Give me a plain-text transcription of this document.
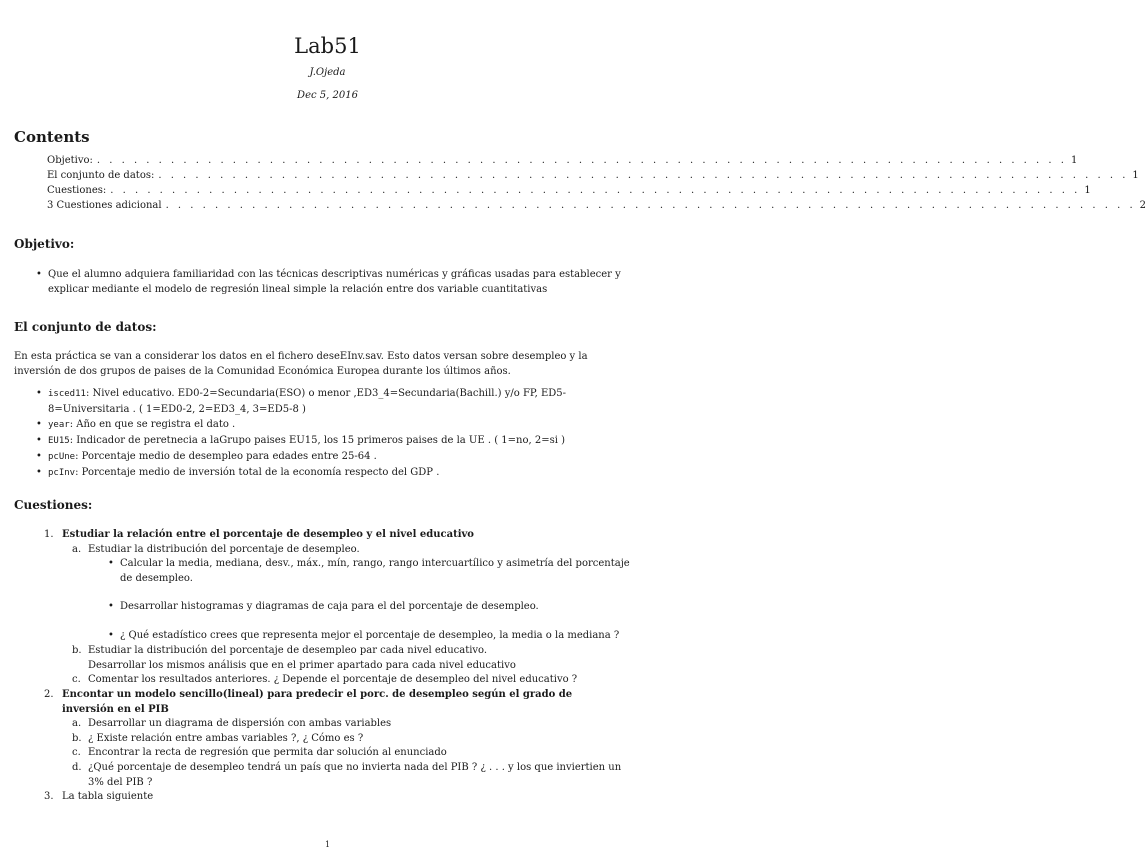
Lab51
J.Ojeda
Dec 5, 2016
Contents
Objetivo: . . . . . . . . . . . . . . . . . . . . . . . . . . . . . . . . . . . . . . . . . . . . . . . . . . . . . . . . . . . . . . . . . . . . . . . . . . . . . . . 1
El conjunto de datos: . . . . . . . . . . . . . . . . . . . . . . . . . . . . . . . . . . . . . . . . . . . . . . . . . . . . . . . . . . . . . . . . . . . . . . . . . . . . . . . 1
Cuestiones: . . . . . . . . . . . . . . . . . . . . . . . . . . . . . . . . . . . . . . . . . . . . . . . . . . . . . . . . . . . . . . . . . . . . . . . . . . . . . . . 1
3 Cuestiones adicional . . . . . . . . . . . . . . . . . . . . . . . . . . . . . . . . . . . . . . . . . . . . . . . . . . . . . . . . . . . . . . . . . . . . . . . . . . . . . . . 2
Objetivo:
• Que el alumno adquiera familiaridad con las técnicas descriptivas numéricas y gráficas usadas para establecer y
explicar mediante el modelo de regresión lineal simple la relación entre dos variable cuantitativas
El conjunto de datos:
En esta práctica se van a considerar los datos en el fichero deseEInv.sav. Esto datos versan sobre desempleo y la
inversión de dos grupos de paises de la Comunidad Económica Europea durante los últimos años.
• isced11: Nivel educativo. ED0-2=Secundaria(ESO) o menor ,ED3_4=Secundaria(Bachill.) y/o FP, ED5-
8=Universitaria . ( 1=ED0-2, 2=ED3_4, 3=ED5-8 )
• year: Año en que se registra el dato .
• EU15: Indicador de peretnecia a laGrupo paises EU15, los 15 primeros paises de la UE . ( 1=no, 2=si )
• pcUne: Porcentaje medio de desempleo para edades entre 25-64 .
• pcInv: Porcentaje medio de inversión total de la economía respecto del GDP .
Cuestiones:
1. Estudiar la relación entre el porcentaje de desempleo y el nivel educativo
a. Estudiar la distribución del porcentaje de desempleo.
• Calcular la media, mediana, desv., máx., mín, rango, rango intercuartílico y asimetría del porcentaje
de desempleo.
• Desarrollar histogramas y diagramas de caja para el del porcentaje de desempleo.
• ¿ Qué estadístico crees que representa mejor el porcentaje de desempleo, la media o la mediana ?
b. Estudiar la distribución del porcentaje de desempleo par cada nivel educativo.
Desarrollar los mismos análisis que en el primer apartado para cada nivel educativo
c. Comentar los resultados anteriores. ¿ Depende el porcentaje de desempleo del nivel educativo ?
2. Encontar un modelo sencillo(lineal) para predecir el porc. de desempleo según el grado de
inversión en el PIB
a. Desarrollar un diagrama de dispersión con ambas variables
b. ¿ Existe relación entre ambas variables ?, ¿ Cómo es ?
c. Encontrar la recta de regresión que permita dar solución al enunciado
d. ¿Qué porcentaje de desempleo tendrá un país que no invierta nada del PIB ? ¿ . . . y los que inviertien un
3% del PIB ?
3. La tabla siguiente
1
